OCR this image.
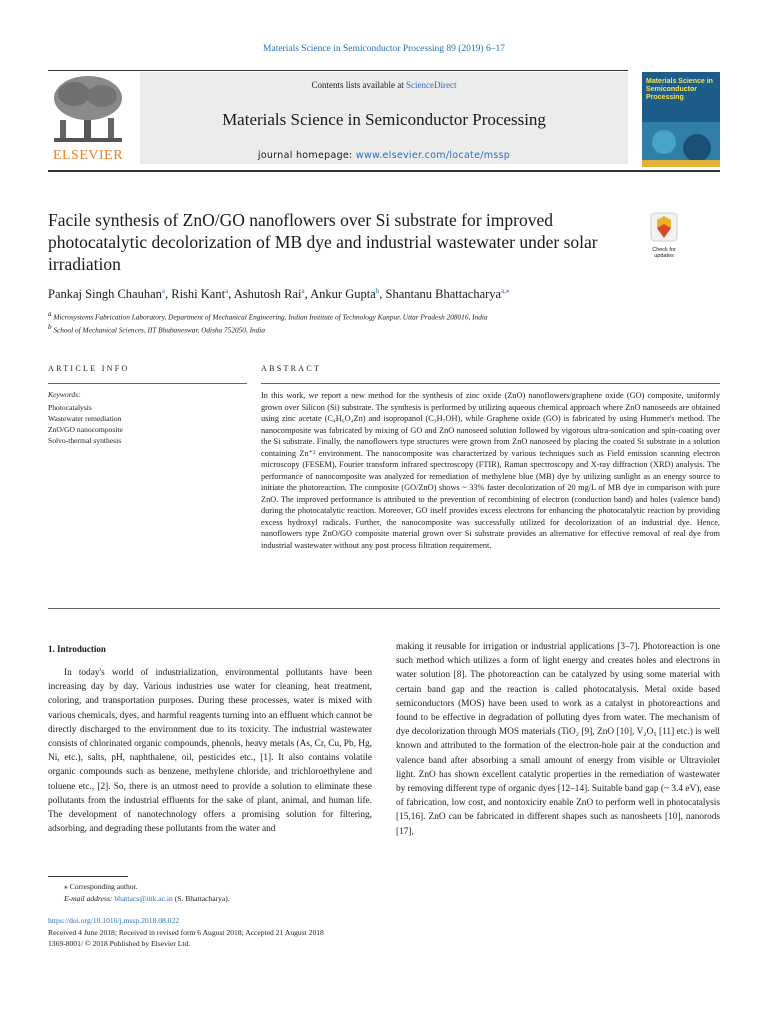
Materials Science in Semiconductor Processing 89 (2019) 6–17
ELSEVIER
Contents lists available at ScienceDirect
Materials Science in Semiconductor Processing
journal homepage: www.elsevier.com/locate/mssp
Materials Science in Semiconductor Processing
Facile synthesis of ZnO/GO nanoflowers over Si substrate for improved photocatalytic decolorization of MB dye and industrial wastewater under solar irradiation
Check for
updates
Pankaj Singh Chauhan$^a$, Rishi Kant$^a$, Ashutosh Rai$^a$, Ankur Gupta$^b$, Shantanu Bhattacharya$^{a,⁎}$
$^a$ Microsystems Fabrication Laboratory, Department of Mechanical Engineering, Indian Institute of Technology Kanpur, Uttar Pradesh 208016, India
$^b$ School of Mechanical Sciences, IIT Bhubaneswar, Odisha 752050, India
ARTICLE INFO	ABSTRACT
Keywords:
Photocatalysis
Wastewater remediation
ZnO/GO nanocomposite
Solvo-thermal synthesis
In this work, we report a new method for the synthesis of zinc oxide (ZnO) nanoflowers/graphene oxide (GO) composite, uniformly grown over Silicon (Si) substrate. The synthesis is performed by utilizing aqueous chemical approach where ZnO nanoseeds are obtained using zinc acetate (C₄H₆O₄Zn) and isopropanol (C₃H₇OH), while Graphene oxide (GO) is fabricated by using Hummer's method. The nanocomposite was fabricated by mixing of GO and ZnO nanoseed solution followed by vigorous ultra-sonication and spin-coating over the Si substrate. Finally, the nanoflowers type structures were grown from ZnO nanoseed by placing the coated Si substrate in a solution containing Zn⁺² environment. The nanocomposite was characterized by various techniques such as Field emission scanning electron microscopy (FESEM), Fourier transform infrared spectroscopy (FTIR), Raman spectroscopy and X-ray diffraction (XRD) analysis. The performance of nanocomposite was analyzed for remediation of methylene blue (MB) dye by utilizing sunlight as an energy source to initiate the photoreaction. The composite (GO/ZnO) shows ~ 33% faster decolorization of 20 mg/L of MB dye in comparison with pure ZnO. The improved performance is attributed to the prevention of recombining of electron (conduction band) and holes (valence band) during the photocatalytic reaction. Moreover, GO itself provides excess electrons for enhancing the photocatalytic reaction by providing excess hydroxyl radicals. Further, the nanocomposite was successfully utilized for decolorization of an industrial dye. Hence, nanoflowers type ZnO/GO composite material grown over Si substrate provides an alternative for effective removal of real dye from industrial wastewater without any post process filtration requirement.
1. Introduction
In today's world of industrialization, environmental pollutants have been increasing day by day. Various industries use water for cleaning, heat treatment, coloring, and transportation purposes. During these processes, water is mixed with various chemicals, dyes, and harmful reagents turning into an effluent which cannot be directly discharged to the environment due to its toxicity. The industrial wastewater consists of chlorinated organic compounds, phenols, heavy metals (As, Cr, Cu, Pb, Hg, Ni, etc.), salts, pH, naphthalene, oil, pesticides etc., [1]. It also contains volatile organic compounds such as benzene, methylene chloride, and trichloroethylene and toluene etc., [2]. So, there is an utmost need to provide a solution to eliminate these pollutants from the industrial effluents for the sake of plant, animal, and human life. The development of nanotechnology offers a promising solution for filtering, adsorbing, and degrading these pollutants from the water and
making it reusable for irrigation or industrial applications [3–7]. Photoreaction is one such method which utilizes a form of light energy and creates holes and electrons in water solution [8]. The photoreaction can be catalyzed by using some material with certain band gap and the reaction is called photocatalysis. Metal oxide based semiconductors (MOS) have been used to work as a catalyst in photoreactions and found to be effective in degradation of polluting dyes from water. The mechanism of dye decolorization through MOS materials (TiO₂ [9], ZnO [10], V₂O₅ [11] etc.) is well known and attributed to the formation of the electron-hole pair at the conduction and valence band after absorbing a small amount of energy from visible or Ultraviolet light. ZnO has shown excellent catalytic properties in the remediation of wastewater by removing different type of organic dyes [12–14]. Suitable band gap (~ 3.4 eV), ease of fabrication, low cost, and nontoxicity enable ZnO to perform well in photocatalysis [15,16]. ZnO can be fabricated in different shapes such as nanosheets [10], nanorods [17],
⁎ Corresponding author.
E-mail address: bhattacs@iitk.ac.in (S. Bhattacharya).
https://doi.org/10.1016/j.mssp.2018.08.022
Received 4 June 2018; Received in revised form 6 August 2018; Accepted 21 August 2018
1369-8001/ © 2018 Published by Elsevier Ltd.
